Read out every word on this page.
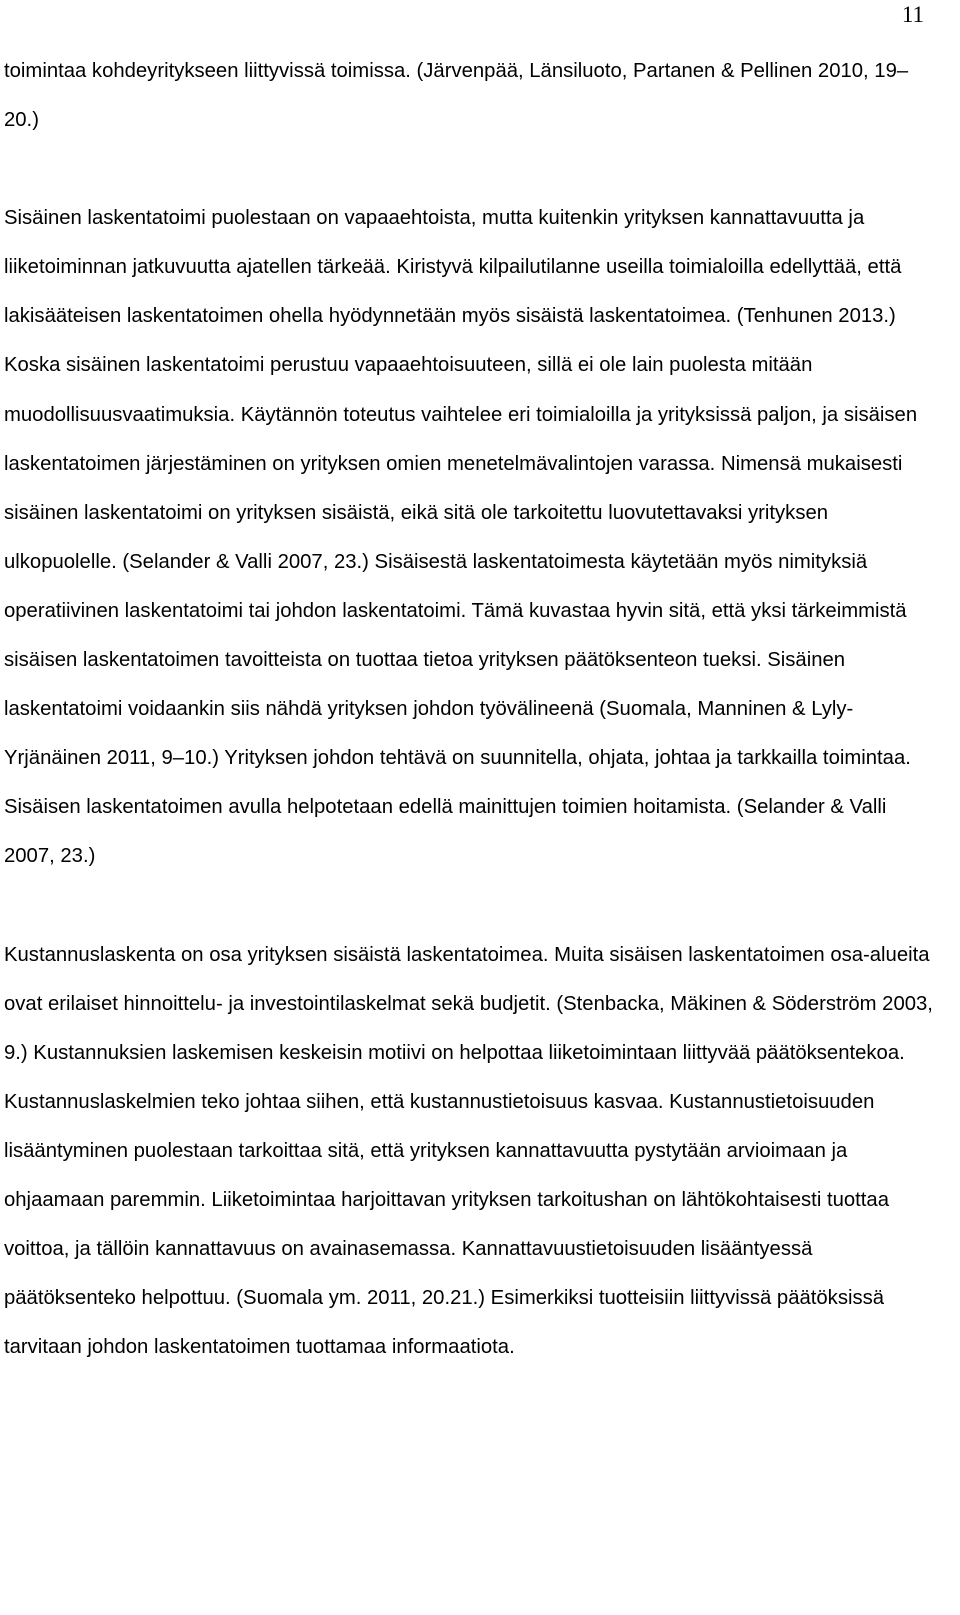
11

toimintaa kohdeyritykseen liittyvissä toimissa. (Järvenpää, Länsiluoto, Partanen & Pellinen 2010, 19–20.)

Sisäinen laskentatoimi puolestaan on vapaaehtoista, mutta kuitenkin yrityksen kannattavuutta ja liiketoiminnan jatkuvuutta ajatellen tärkeää. Kiristyvä kilpailutilanne useilla toimialoilla edellyttää, että lakisääteisen laskentatoimen ohella hyödynnetään myös sisäistä laskentatoimea. (Tenhunen 2013.) Koska sisäinen laskentatoimi perustuu vapaaehtoisuuteen, sillä ei ole lain puolesta mitään muodollisuusvaatimuksia. Käytännön toteutus vaihtelee eri toimialoilla ja yrityksissä paljon, ja sisäisen laskentatoimen järjestäminen on yrityksen omien menetelmävalintojen varassa. Nimensä mukaisesti sisäinen laskentatoimi on yrityksen sisäistä, eikä sitä ole tarkoitettu luovutettavaksi yrityksen ulkopuolelle. (Selander & Valli 2007, 23.) Sisäisestä laskentatoimesta käytetään myös nimityksiä operatiivinen laskentatoimi tai johdon laskentatoimi. Tämä kuvastaa hyvin sitä, että yksi tärkeimmistä sisäisen laskentatoimen tavoitteista on tuottaa tietoa yrityksen päätöksenteon tueksi. Sisäinen laskentatoimi voidaankin siis nähdä yrityksen johdon työvälineenä (Suomala, Manninen & Lyly-Yrjänäinen 2011, 9–10.) Yrityksen johdon tehtävä on suunnitella, ohjata, johtaa ja tarkkailla toimintaa. Sisäisen laskentatoimen avulla helpotetaan edellä mainittujen toimien hoitamista. (Selander & Valli 2007, 23.)

Kustannuslaskenta on osa yrityksen sisäistä laskentatoimea. Muita sisäisen laskentatoimen osa-alueita ovat erilaiset hinnoittelu- ja investointilaskelmat sekä budjetit. (Stenbacka, Mäkinen & Söderström 2003, 9.) Kustannuksien laskemisen keskeisin motiivi on helpottaa liiketoimintaan liittyvää päätöksentekoa. Kustannuslaskelmien teko johtaa siihen, että kustannustietoisuus kasvaa. Kustannustietoisuuden lisääntyminen puolestaan tarkoittaa sitä, että yrityksen kannattavuutta pystytään arvioimaan ja ohjaamaan paremmin. Liiketoimintaa harjoittavan yrityksen tarkoitushan on lähtökohtaisesti tuottaa voittoa, ja tällöin kannattavuus on avainasemassa. Kannattavuustietoisuuden lisääntyessä päätöksenteko helpottuu. (Suomala ym. 2011, 20.21.) Esimerkiksi tuotteisiin liittyvissä päätöksissä tarvitaan johdon laskentatoimen tuottamaa informaatiota.
